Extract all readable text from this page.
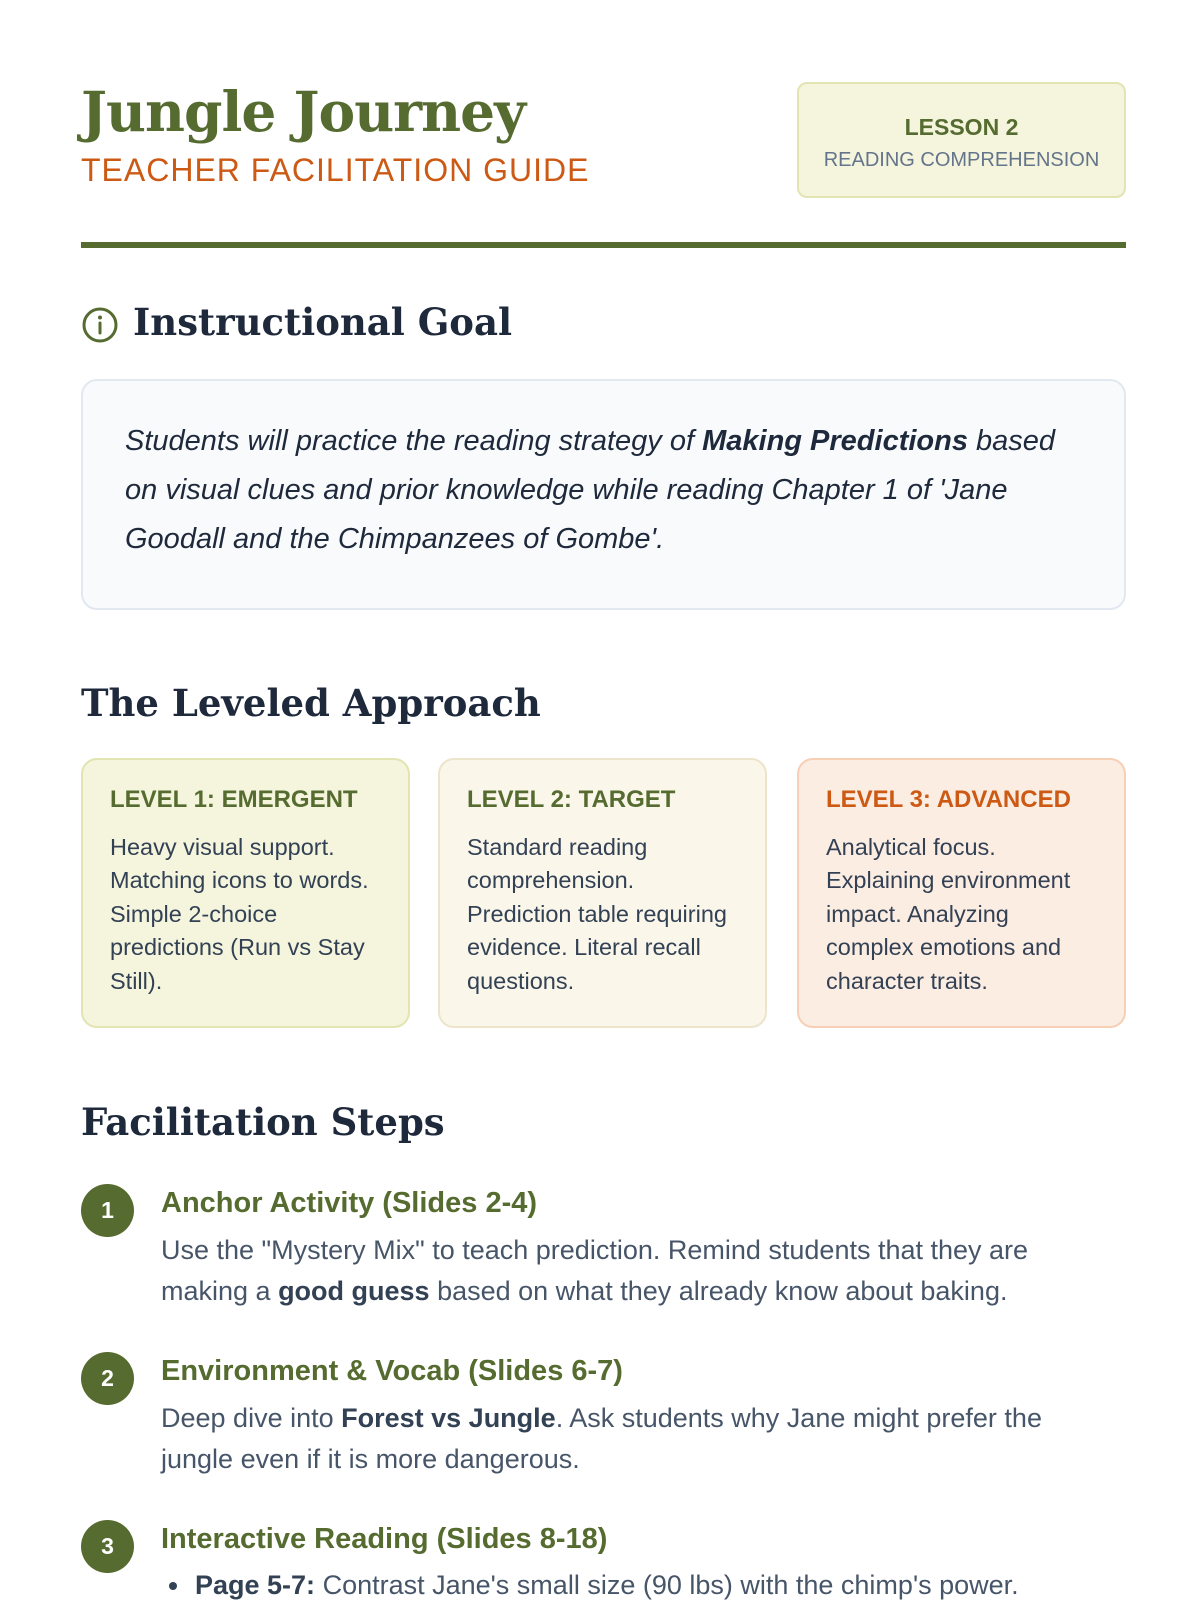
Jungle Journey
TEACHER FACILITATION GUIDE
LESSON 2
READING COMPREHENSION
Instructional Goal

Students will practice the reading strategy of Making Predictions based on visual clues and prior knowledge while reading Chapter 1 of 'Jane Goodall and the Chimpanzees of Gombe'.

The Leveled Approach
LEVEL 1: EMERGENT
Heavy visual support. Matching icons to words. Simple 2-choice predictions (Run vs Stay Still).
LEVEL 2: TARGET
Standard reading comprehension. Prediction table requiring evidence. Literal recall questions.
LEVEL 3: ADVANCED
Analytical focus. Explaining environment impact. Analyzing complex emotions and character traits.
Facilitation Steps
1	Anchor Activity (Slides 2-4)
Use the "Mystery Mix" to teach prediction. Remind students that they are making a good guess based on what they already know about baking.
2	Environment & Vocab (Slides 6-7)
Deep dive into Forest vs Jungle. Ask students why Jane might prefer the jungle even if it is more dangerous.
3	Interactive Reading (Slides 8-18)
Page 5-7: Contrast Jane's small size (90 lbs) with the chimp's power.
